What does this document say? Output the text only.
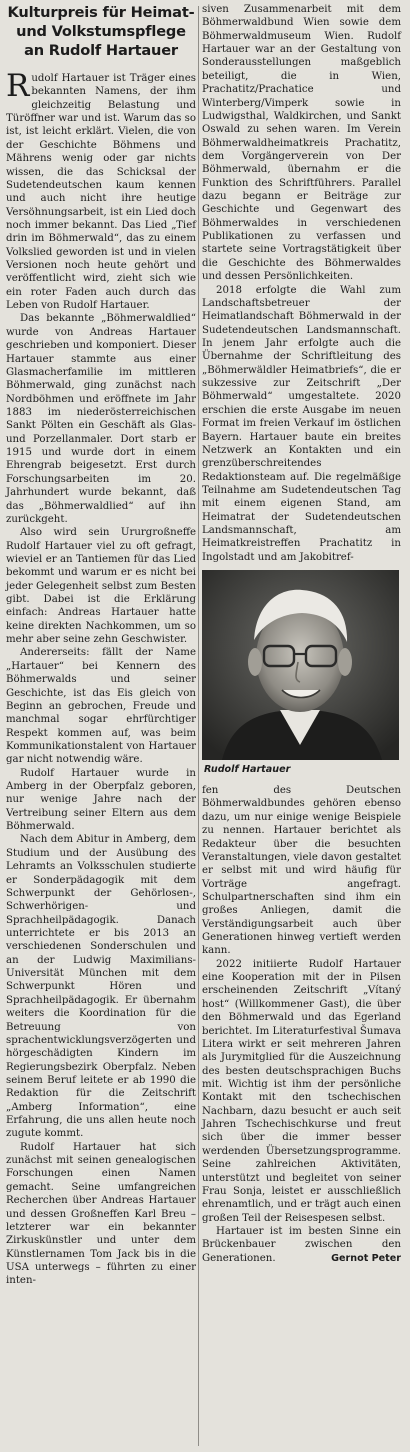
Kulturpreis für Heimat-
und Volkstumspflege
an Rudolf Hartauer

Rudolf Hartauer ist Träger eines bekannten Namens, der ihm gleichzeitig Belastung und Türöffner war und ist. Warum das so ist, ist leicht erklärt. Vielen, die von der Geschichte Böhmens und Mährens wenig oder gar nichts wissen, die das Schicksal der Sudetendeutschen kaum kennen und auch nicht ihre heutige Versöhnungsarbeit, ist ein Lied doch noch immer bekannt. Das Lied „Tief drin im Böhmerwald“, das zu einem Volkslied geworden ist und in vielen Versionen noch heute gehört und veröffentlicht wird, zieht sich wie ein roter Faden auch durch das Leben von Rudolf Hartauer.

Das bekannte „Böhmerwaldlied“ wurde von Andreas Hartauer geschrieben und komponiert. Dieser Hartauer stammte aus einer Glasmacherfamilie im mittleren Böhmerwald, ging zunächst nach Nordböhmen und eröffnete im Jahr 1883 im niederösterreichischen Sankt Pölten ein Geschäft als Glas- und Porzellanmaler. Dort starb er 1915 und wurde dort in einem Ehrengrab beigesetzt. Erst durch Forschungsarbeiten im 20. Jahrhundert wurde bekannt, daß das „Böhmerwaldlied“ auf ihn zurückgeht.

Also wird sein Ururgroßneffe Rudolf Hartauer viel zu oft gefragt, wieviel er an Tantiemen für das Lied bekommt und warum er es nicht bei jeder Gelegenheit selbst zum Besten gibt. Dabei ist die Erklärung einfach: Andreas Hartauer hatte keine direkten Nachkommen, um so mehr aber seine zehn Geschwister.

Andererseits: fällt der Name „Hartauer“ bei Kennern des Böhmerwalds und seiner Geschichte, ist das Eis gleich von Beginn an gebrochen, Freude und manchmal sogar ehrfürchtiger Respekt kommen auf, was beim Kommunikationstalent von Hartauer gar nicht notwendig wäre.

Rudolf Hartauer wurde in Amberg in der Oberpfalz geboren, nur wenige Jahre nach der Vertreibung seiner Eltern aus dem Böhmerwald.

Nach dem Abitur in Amberg, dem Studium und der Ausübung des Lehramts an Volksschulen studierte er Sonderpädagogik mit dem Schwerpunkt der Gehörlosen-, Schwerhörigen- und Sprachheilpädagogik. Danach unterrichtete er bis 2013 an verschiedenen Sonderschulen und an der Ludwig Maximilians-Universität München mit dem Schwerpunkt Hören und Sprachheilpädagogik. Er übernahm weiters die Koordination für die Betreuung von sprachentwicklungsverzögerten und hörgeschädigten Kindern im Regierungsbezirk Oberpfalz. Neben seinem Beruf leitete er ab 1990 die Redaktion für die Zeitschrift „Amberg Information“, eine Erfahrung, die uns allen heute noch zugute kommt.

Rudolf Hartauer hat sich zunächst mit seinen genealogischen Forschungen einen Namen gemacht. Seine umfangreichen Recherchen über Andreas Hartauer und dessen Großneffen Karl Breu – letzterer war ein bekannter Zirkuskünstler und unter dem Künstlernamen Tom Jack bis in die USA unterwegs – führten zu einer inten-

siven Zusammenarbeit mit dem Böhmerwaldbund Wien sowie dem Böhmerwaldmuseum Wien. Rudolf Hartauer war an der Gestaltung von Sonderausstellungen maßgeblich beteiligt, die in Wien, Prachatitz/Prachatice und Winterberg/Vimperk sowie in Ludwigsthal, Waldkirchen, und Sankt Oswald zu sehen waren. Im Verein Böhmerwaldheimatkreis Prachatitz, dem Vorgängerverein von Der Böhmerwald, übernahm er die Funktion des Schriftführers. Parallel dazu begann er Beiträge zur Geschichte und Gegenwart des Böhmerwaldes in verschiedenen Publikationen zu verfassen und startete seine Vortragstätigkeit über die Geschichte des Böhmerwaldes und dessen Persönlichkeiten.

2018 erfolgte die Wahl zum Landschaftsbetreuer der Heimatlandschaft Böhmerwald in der Sudetendeutschen Landsmannschaft. In jenem Jahr erfolgte auch die Übernahme der Schriftleitung des „Böhmerwäldler Heimatbriefs“, die er sukzessive zur Zeitschrift „Der Böhmerwald“ umgestaltete. 2020 erschien die erste Ausgabe im neuen Format im freien Verkauf im östlichen Bayern. Hartauer baute ein breites Netzwerk an Kontakten und ein grenzüberschreitendes Redaktionsteam auf. Die regelmäßige Teilnahme am Sudetendeutschen Tag mit einem eigenen Stand, am Heimatrat der Sudetendeutschen Landsmannschaft, am Heimatkreistreffen Prachatitz in Ingolstadt und am Jakobitref-

Rudolf Hartauer

fen des Deutschen Böhmerwaldbundes gehören ebenso dazu, um nur einige wenige Beispiele zu nennen. Hartauer berichtet als Redakteur über die besuchten Veranstaltungen, viele davon gestaltet er selbst mit und wird häufig für Vorträge angefragt. Schulpartnerschaften sind ihm ein großes Anliegen, damit die Verständigungsarbeit auch über Generationen hinweg vertieft werden kann.

2022 initiierte Rudolf Hartauer eine Kooperation mit der in Pilsen erscheinenden Zeitschrift „Vítaný host“ (Willkommener Gast), die über den Böhmerwald und das Egerland berichtet. Im Literaturfestival Šumava Litera wirkt er seit mehreren Jahren als Jurymitglied für die Auszeichnung des besten deutschsprachigen Buchs mit. Wichtig ist ihm der persönliche Kontakt mit den tschechischen Nachbarn, dazu besucht er auch seit Jahren Tschechischkurse und freut sich über die immer besser werdenden Übersetzungsprogramme. Seine zahlreichen Aktivitäten, unterstützt und begleitet von seiner Frau Sonja, leistet er ausschließlich ehrenamtlich, und er trägt auch einen großen Teil der Reisespesen selbst.

Hartauer ist im besten Sinne ein Brückenbauer zwischen den Generationen.	Gernot Peter
